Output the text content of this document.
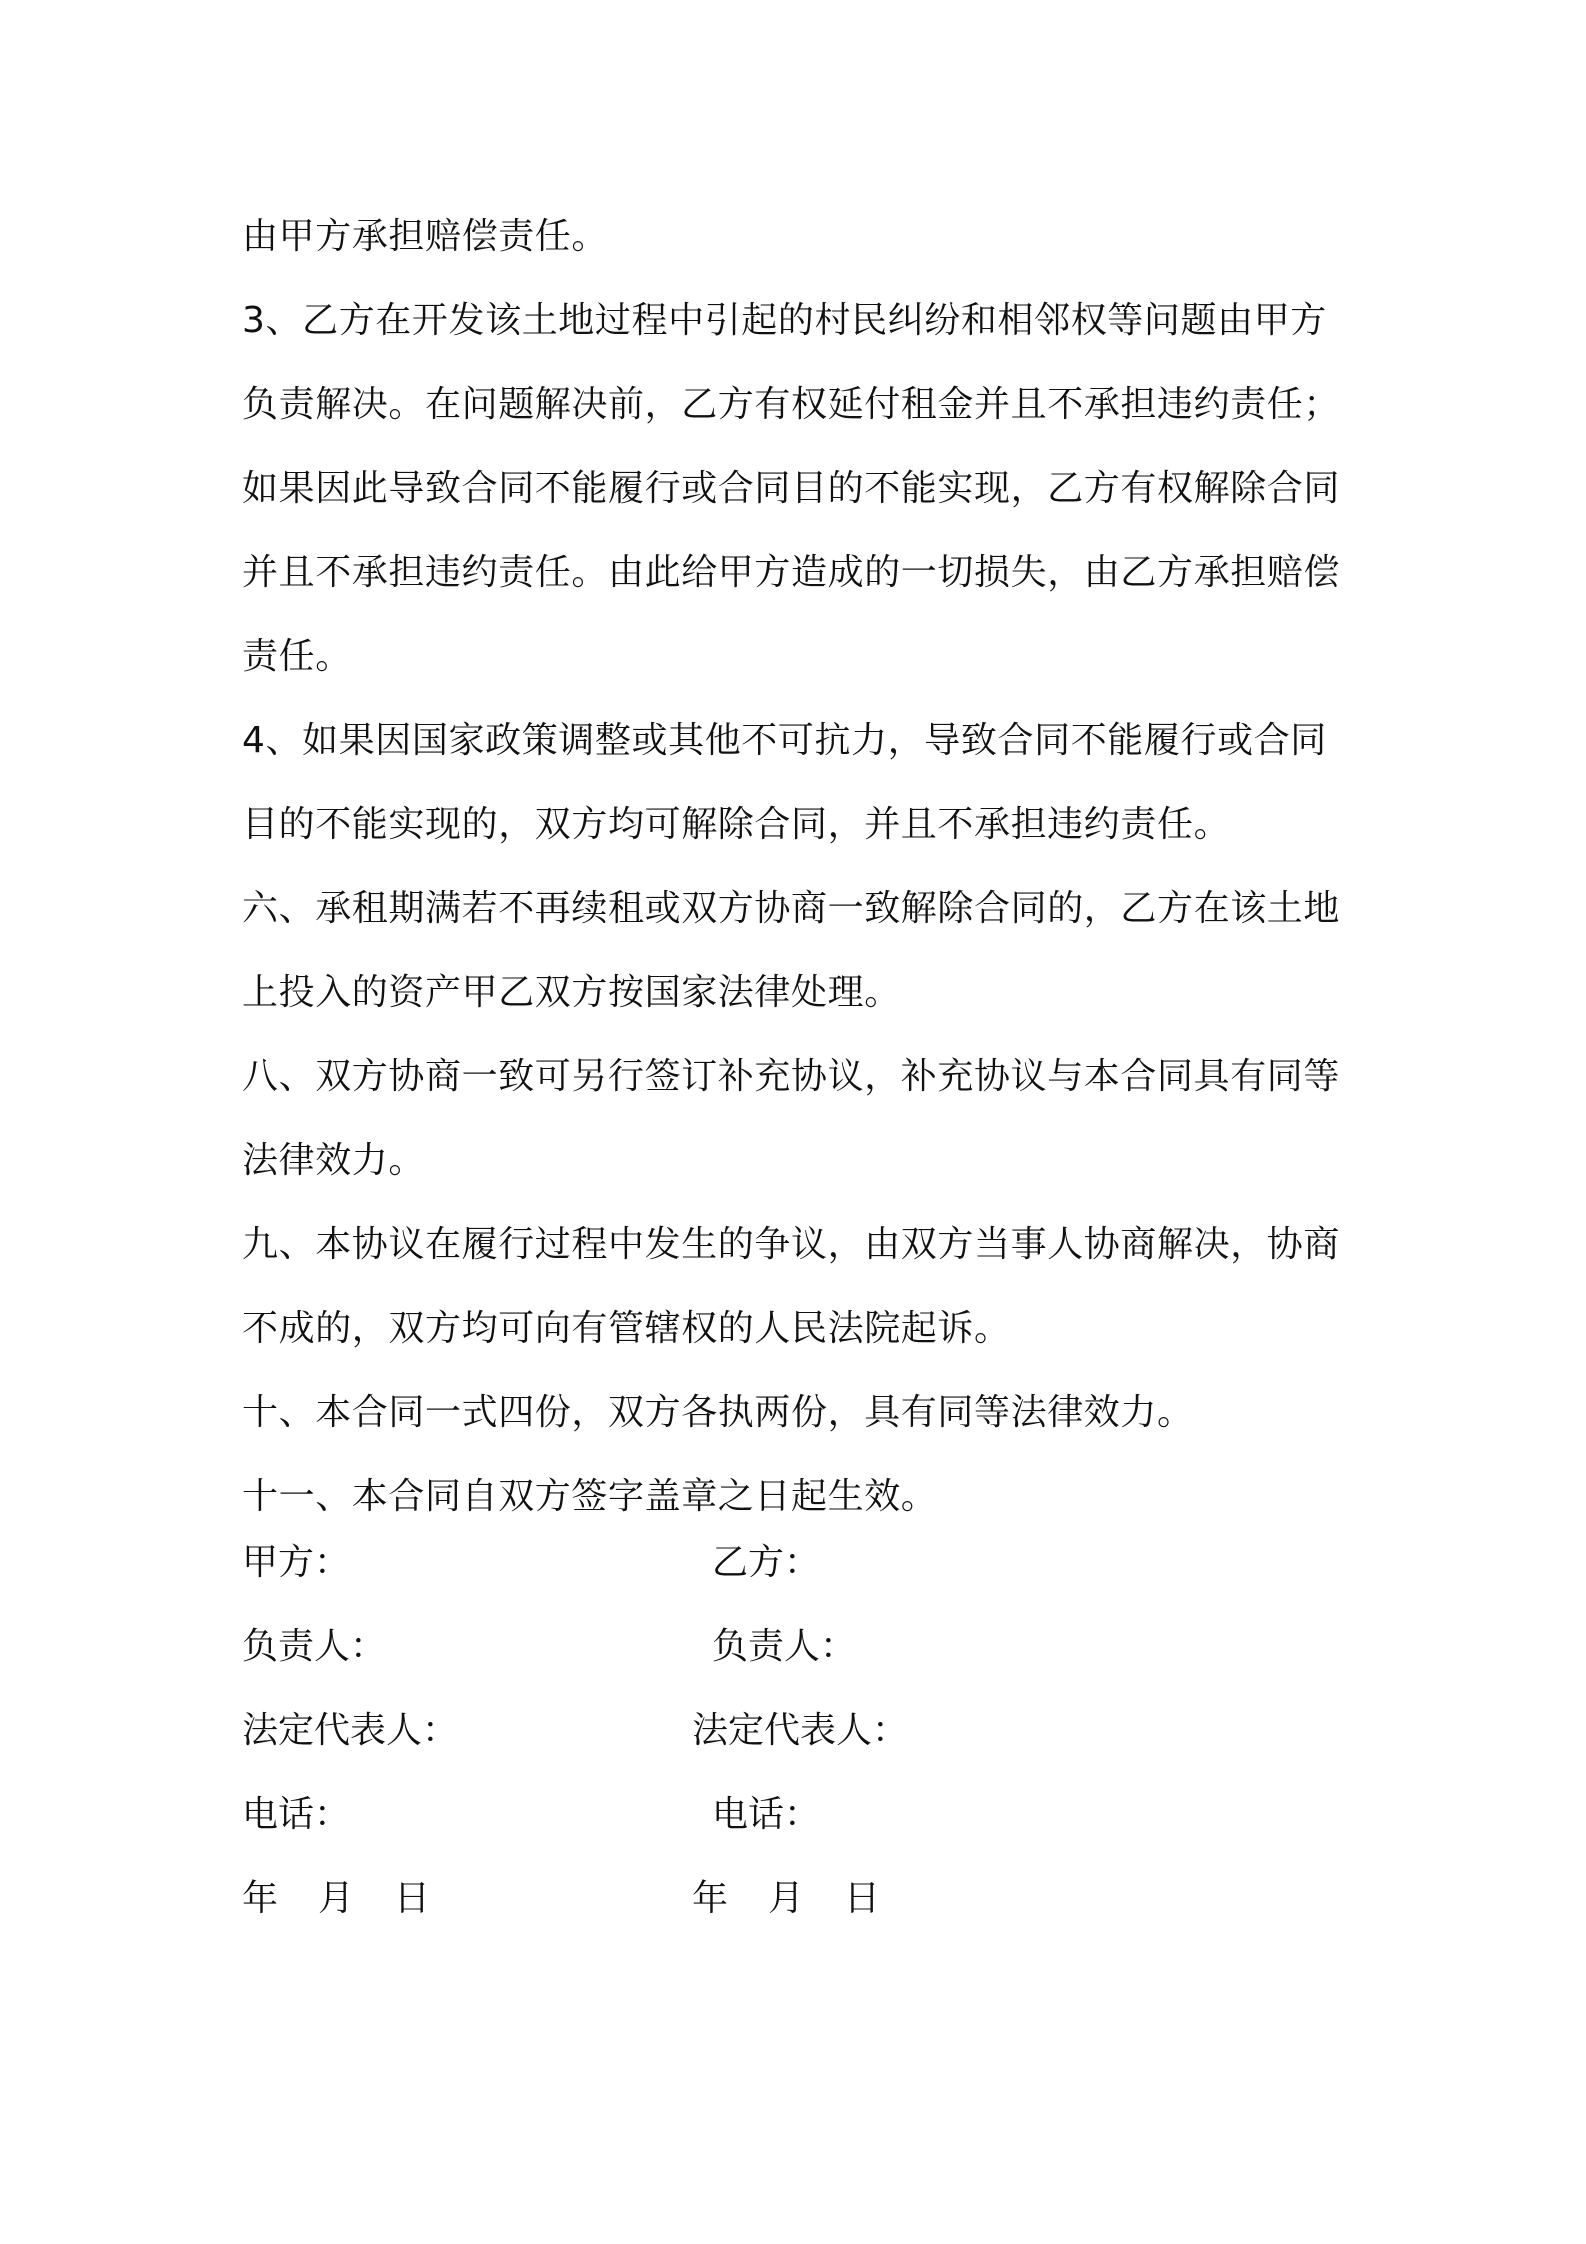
由甲方承担赔偿责任。

3、乙方在开发该土地过程中引起的村民纠纷和相邻权等问题由甲方负责解决。在问题解决前，乙方有权延付租金并且不承担违约责任；如果因此导致合同不能履行或合同目的不能实现，乙方有权解除合同并且不承担违约责任。由此给甲方造成的一切损失，由乙方承担赔偿责任。

4、如果因国家政策调整或其他不可抗力，导致合同不能履行或合同目的不能实现的，双方均可解除合同，并且不承担违约责任。

六、承租期满若不再续租或双方协商一致解除合同的，乙方在该土地上投入的资产甲乙双方按国家法律处理。

八、双方协商一致可另行签订补充协议，补充协议与本合同具有同等法律效力。

九、本协议在履行过程中发生的争议，由双方当事人协商解决，协商不成的，双方均可向有管辖权的人民法院起诉。

十、本合同一式四份，双方各执两份，具有同等法律效力。

十一、本合同自双方签字盖章之日起生效。

甲方：	乙方：
负责人：	负责人：
法定代表人：	法定代表人：
电话：	电话：
年 月 日	年 月 日
